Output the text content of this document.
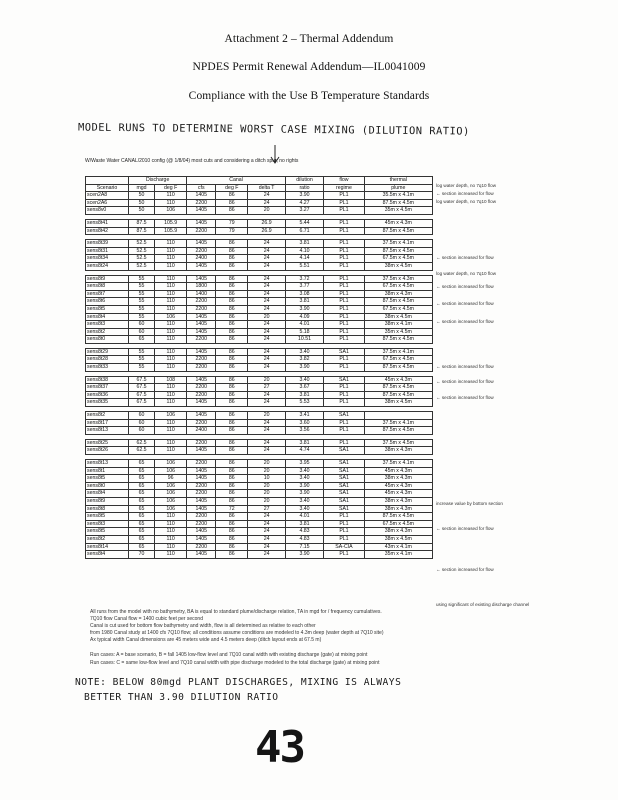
Attachment 2 – Thermal Addendum
NPDES Permit Renewal Addendum—IL0041009
Compliance with the Use B Temperature Standards
MODEL RUNS TO DETERMINE WORST CASE MIXING (DILUTION RATIO)
W/Waste Water CANAL/2010 config (@ 1/8/04) most cuts and considering a ditch spur, no rights
	Discharge		Canal			dilution	flow	thermal
Scenario	mgd	deg F	cfs	deg F	delta T	ratio	regime	plume
scen2A8	50	110	1405	86	24	3.90	PL1	35.5m x 4.1m
scen2A6	50	110	2200	86	24	4.27	PL1	87.5m x 4.5m
sens8v0	50	106	1405	86	20	3.27	PL1	35m x 4.5m

sens8t41	87.5	105.9	1405	79	26.9	5.44	PL1	45m x 4.3m
sens8t42	87.5	105.9	2200	79	26.9	6.71	PL1	87.5m x 4.5m

sens8t39	52.5	110	1405	86	24	3.81	PL1	37.5m x 4.1m
sens8t31	52.5	110	2200	86	24	4.10	PL1	87.5m x 4.5m
sens8t34	52.5	110	2400	86	24	4.14	PL1	67.5m x 4.5m
sens8t24	52.5	110	1405	86	24	5.51	PL1	38m x 4.5m

sens8t9	55	110	1405	86	24	3.72	PL1	37.5m x 4.3m
sens8t8	55	110	1800	86	24	3.77	PL1	67.5m x 4.5m
sens8t7	55	110	1400	86	24	3.08	PL1	38m x 4.3m
sens8t6	55	110	2200	86	24	3.81	PL1	87.5m x 4.5m
sens8t5	55	110	2200	86	24	3.90	PL1	67.5m x 4.5m
sens8t4	55	106	1405	86	20	4.09	PL1	38m x 4.5m
sens8t3	60	110	1405	86	24	4.01	PL1	38m x 4.1m
sens8t2	60	110	1405	86	24	5.18	PL1	35m x 4.5m
sens8t0	65	110	2200	86	24	10.51	PL1	87.5m x 4.5m

sens8t29	55	110	1405	86	24	3.40	SA1	37.5m x 4.1m
sens8t28	55	110	2200	86	24	3.82	PL1	67.5m x 4.5m
sens8t33	55	110	2200	86	24	3.90	PL1	87.5m x 4.5m

sens8t38	67.5	108	1405	86	20	3.40	SA1	45m x 4.3m
sens8t37	67.5	110	2200	86	27	3.67	PL1	87.5m x 4.5m
sens8t36	67.5	110	2200	86	24	3.81	PL1	87.5m x 4.5m
sens8t35	67.5	110	1405	86	24	5.53	PL1	38m x 4.5m

sens8t2	60	106	1405	86	20	3.41	SA1	
sens8t17	60	110	2200	86	24	3.60	PL1	37.5m x 4.1m
sens8t13	60	110	2400	86	24	3.56	PL1	87.5m x 4.5m

sens8t25	62.5	110	2200	86	24	3.81	PL1	37.5m x 4.5m
sens8t26	62.5	110	1405	86	24	4.74	SA1	38m x 4.3m

sens8t13	65	106	2200	86	20	3.95	SA1	37.5m x 4.1m
sens8t1	65	106	1405	86	20	3.40	SA1	45m x 4.3m
sens8t5	65	96	1405	86	10	3.40	SA1	38m x 4.3m
sens8t0	65	106	2200	86	20	3.90	SA1	45m x 4.3m
sens8t4	65	106	2200	86	20	3.90	SA1	45m x 4.3m
sens8t9	65	106	1405	86	20	3.40	SA1	38m x 4.3m
sens8t8	65	106	1405	72	27	3.40	SA1	38m x 4.3m
sens8t5	65	110	2200	86	24	4.01	PL1	87.5m x 4.5m
sens8t3	65	110	2200	86	24	3.81	PL1	67.5m x 4.5m
sens8t5	65	110	1405	86	24	4.83	PL1	38m x 4.3m
sens8t2	65	110	1405	86	24	4.83	PL1	38m x 4.5m
sens8t14	65	110	2200	86	24	7.15	SA-CIA	43m x 4.1m
sens8t4	70	110	1405	86	24	3.90	PL1	35m x 4.1m
log water depth, no 7q10 flow
← section increased for flow
log water depth, no 7q10 flow
← section increased for flow
log water depth, no 7q10 flow
← section increased for flow
← section increased for flow
← section increased for flow
← section increased for flow
← section increased for flow
← section increased for flow
increase value by bottom section
← section increased for flow
← section increased for flow
using significant of existing discharge channel
All runs from the model with no bathymetry, BA is equal to standard plume/discharge relation, TA in mgd for / frequency cumulatives.
7Q10 flow Canal flow = 1400 cubic feet per second
Canal is cut used for bottom flow bathymetry and width, flow is all determined as relative to each other
from 1980 Canal study at 1400 cfs 7Q10 flow; all conditions assume conditions are modeled to 4.3m deep (water depth at 7Q10 site)
Ax typical width Canal dimensions are 45 meters wide and 4.5 meters deep (ditch layout ends at 67.5 m)
Run cases: A = base scenario, B = fall 1405 low-flow level and 7Q10 canal width with existing discharge (gate) at mixing point
Run cases: C = same low-flow level and 7Q10 canal width with pipe discharge modeled to the total discharge (gate) at mixing point
NOTE: BELOW 80mgd PLANT DISCHARGES, MIXING IS ALWAYS
BETTER THAN 3.90 DILUTION RATIO
43
